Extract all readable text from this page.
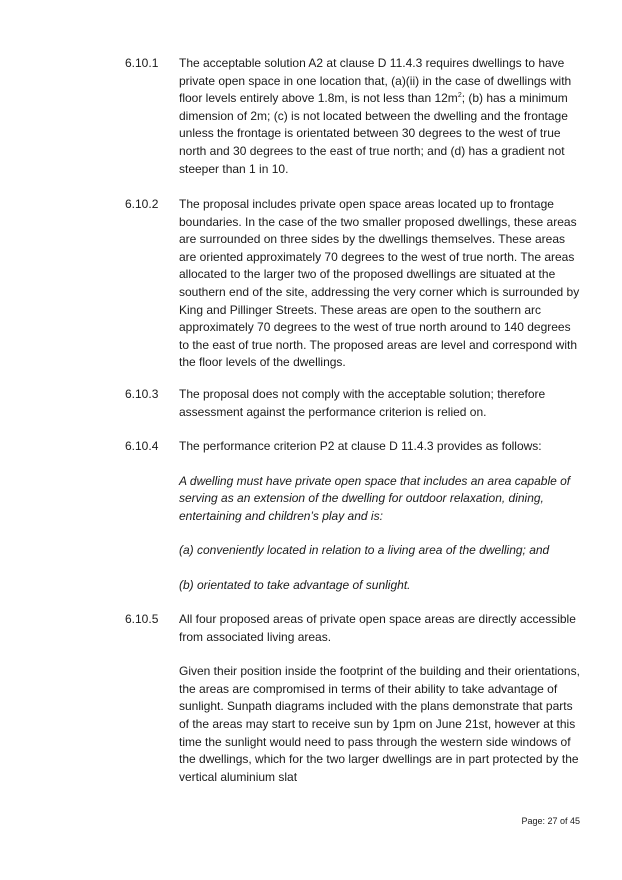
6.10.1	The acceptable solution A2 at clause D 11.4.3 requires dwellings to have private open space in one location that, (a)(ii) in the case of dwellings with floor levels entirely above 1.8m, is not less than $12m^2$; (b) has a minimum dimension of 2m; (c) is not located between the dwelling and the frontage unless the frontage is orientated between 30 degrees to the west of true north and 30 degrees to the east of true north; and (d) has a gradient not steeper than 1 in 10.

6.10.2	The proposal includes private open space areas located up to frontage boundaries. In the case of the two smaller proposed dwellings, these areas are surrounded on three sides by the dwellings themselves. These areas are oriented approximately 70 degrees to the west of true north. The areas allocated to the larger two of the proposed dwellings are situated at the southern end of the site, addressing the very corner which is surrounded by King and Pillinger Streets. These areas are open to the southern arc approximately 70 degrees to the west of true north around to 140 degrees to the east of true north. The proposed areas are level and correspond with the floor levels of the dwellings.

6.10.3	The proposal does not comply with the acceptable solution; therefore assessment against the performance criterion is relied on.

6.10.4	The performance criterion P2 at clause D 11.4.3 provides as follows:

A dwelling must have private open space that includes an area capable of serving as an extension of the dwelling for outdoor relaxation, dining, entertaining and children’s play and is:

(a) conveniently located in relation to a living area of the dwelling; and

(b) orientated to take advantage of sunlight.

6.10.5	All four proposed areas of private open space areas are directly accessible from associated living areas.

Given their position inside the footprint of the building and their orientations, the areas are compromised in terms of their ability to take advantage of sunlight. Sunpath diagrams included with the plans demonstrate that parts of the areas may start to receive sun by 1pm on June 21st, however at this time the sunlight would need to pass through the western side windows of the dwellings, which for the two larger dwellings are in part protected by the vertical aluminium slat

Page: 27 of 45
